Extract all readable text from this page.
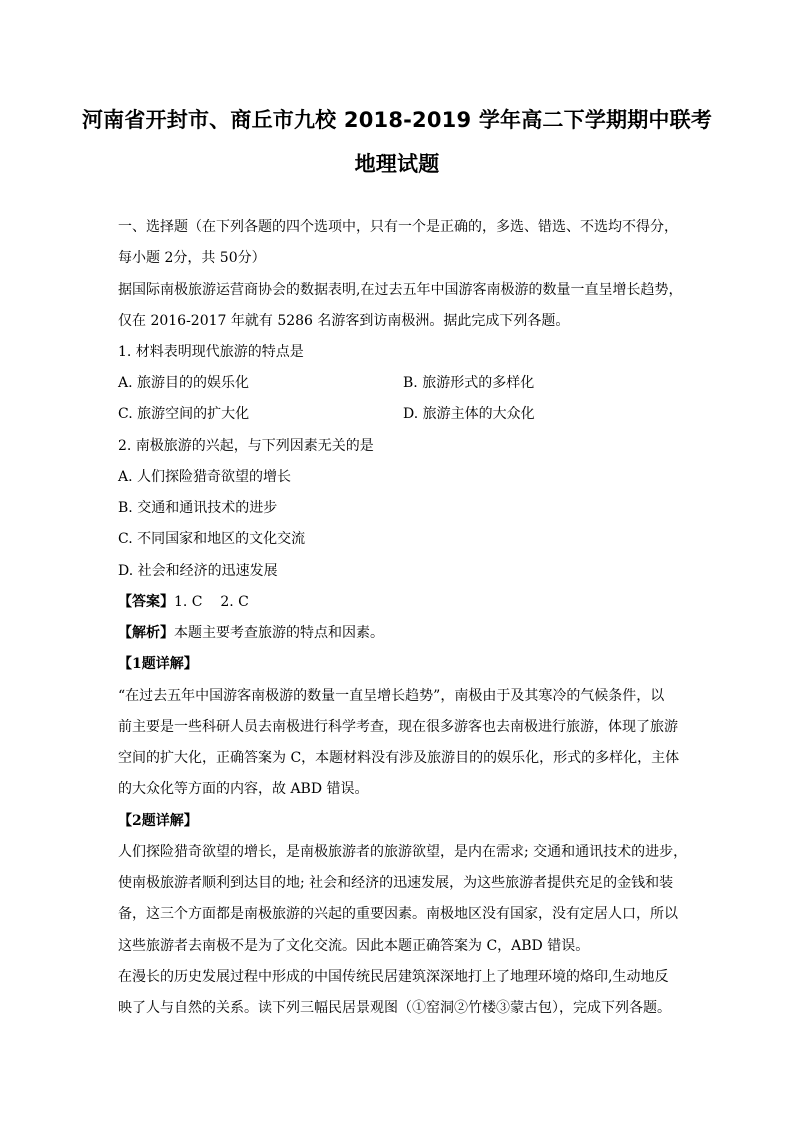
河南省开封市、商丘市九校 2018-2019 学年高二下学期期中联考
地理试题
一、选择题（在下列各题的四个选项中，只有一个是正确的，多选、错选、不选均不得分，
每小题 2分，共 50分）
据国际南极旅游运营商协会的数据表明,在过去五年中国游客南极游的数量一直呈增长趋势，
仅在 2016-2017 年就有 5286 名游客到访南极洲。据此完成下列各题。
1. 材料表明现代旅游的特点是
A. 旅游目的的娱乐化	B. 旅游形式的多样化
C. 旅游空间的扩大化	D. 旅游主体的大众化
2. 南极旅游的兴起，与下列因素无关的是
A. 人们探险猎奇欲望的增长
B. 交通和通讯技术的进步
C. 不同国家和地区的文化交流
D. 社会和经济的迅速发展
【答案】1. C    2. C
【解析】本题主要考查旅游的特点和因素。
【1题详解】
“在过去五年中国游客南极游的数量一直呈增长趋势”，南极由于及其寒冷的气候条件，以
前主要是一些科研人员去南极进行科学考查，现在很多游客也去南极进行旅游，体现了旅游
空间的扩大化，正确答案为 C，本题材料没有涉及旅游目的的娱乐化，形式的多样化，主体
的大众化等方面的内容，故 ABD 错误。
【2题详解】
人们探险猎奇欲望的增长，是南极旅游者的旅游欲望，是内在需求; 交通和通讯技术的进步，
使南极旅游者顺利到达目的地; 社会和经济的迅速发展，为这些旅游者提供充足的金钱和装
备，这三个方面都是南极旅游的兴起的重要因素。南极地区没有国家，没有定居人口，所以
这些旅游者去南极不是为了文化交流。因此本题正确答案为 C，ABD 错误。
在漫长的历史发展过程中形成的中国传统民居建筑深深地打上了地理环境的烙印,生动地反
映了人与自然的关系。读下列三幅民居景观图（①窑洞②竹楼③蒙古包），完成下列各题。
